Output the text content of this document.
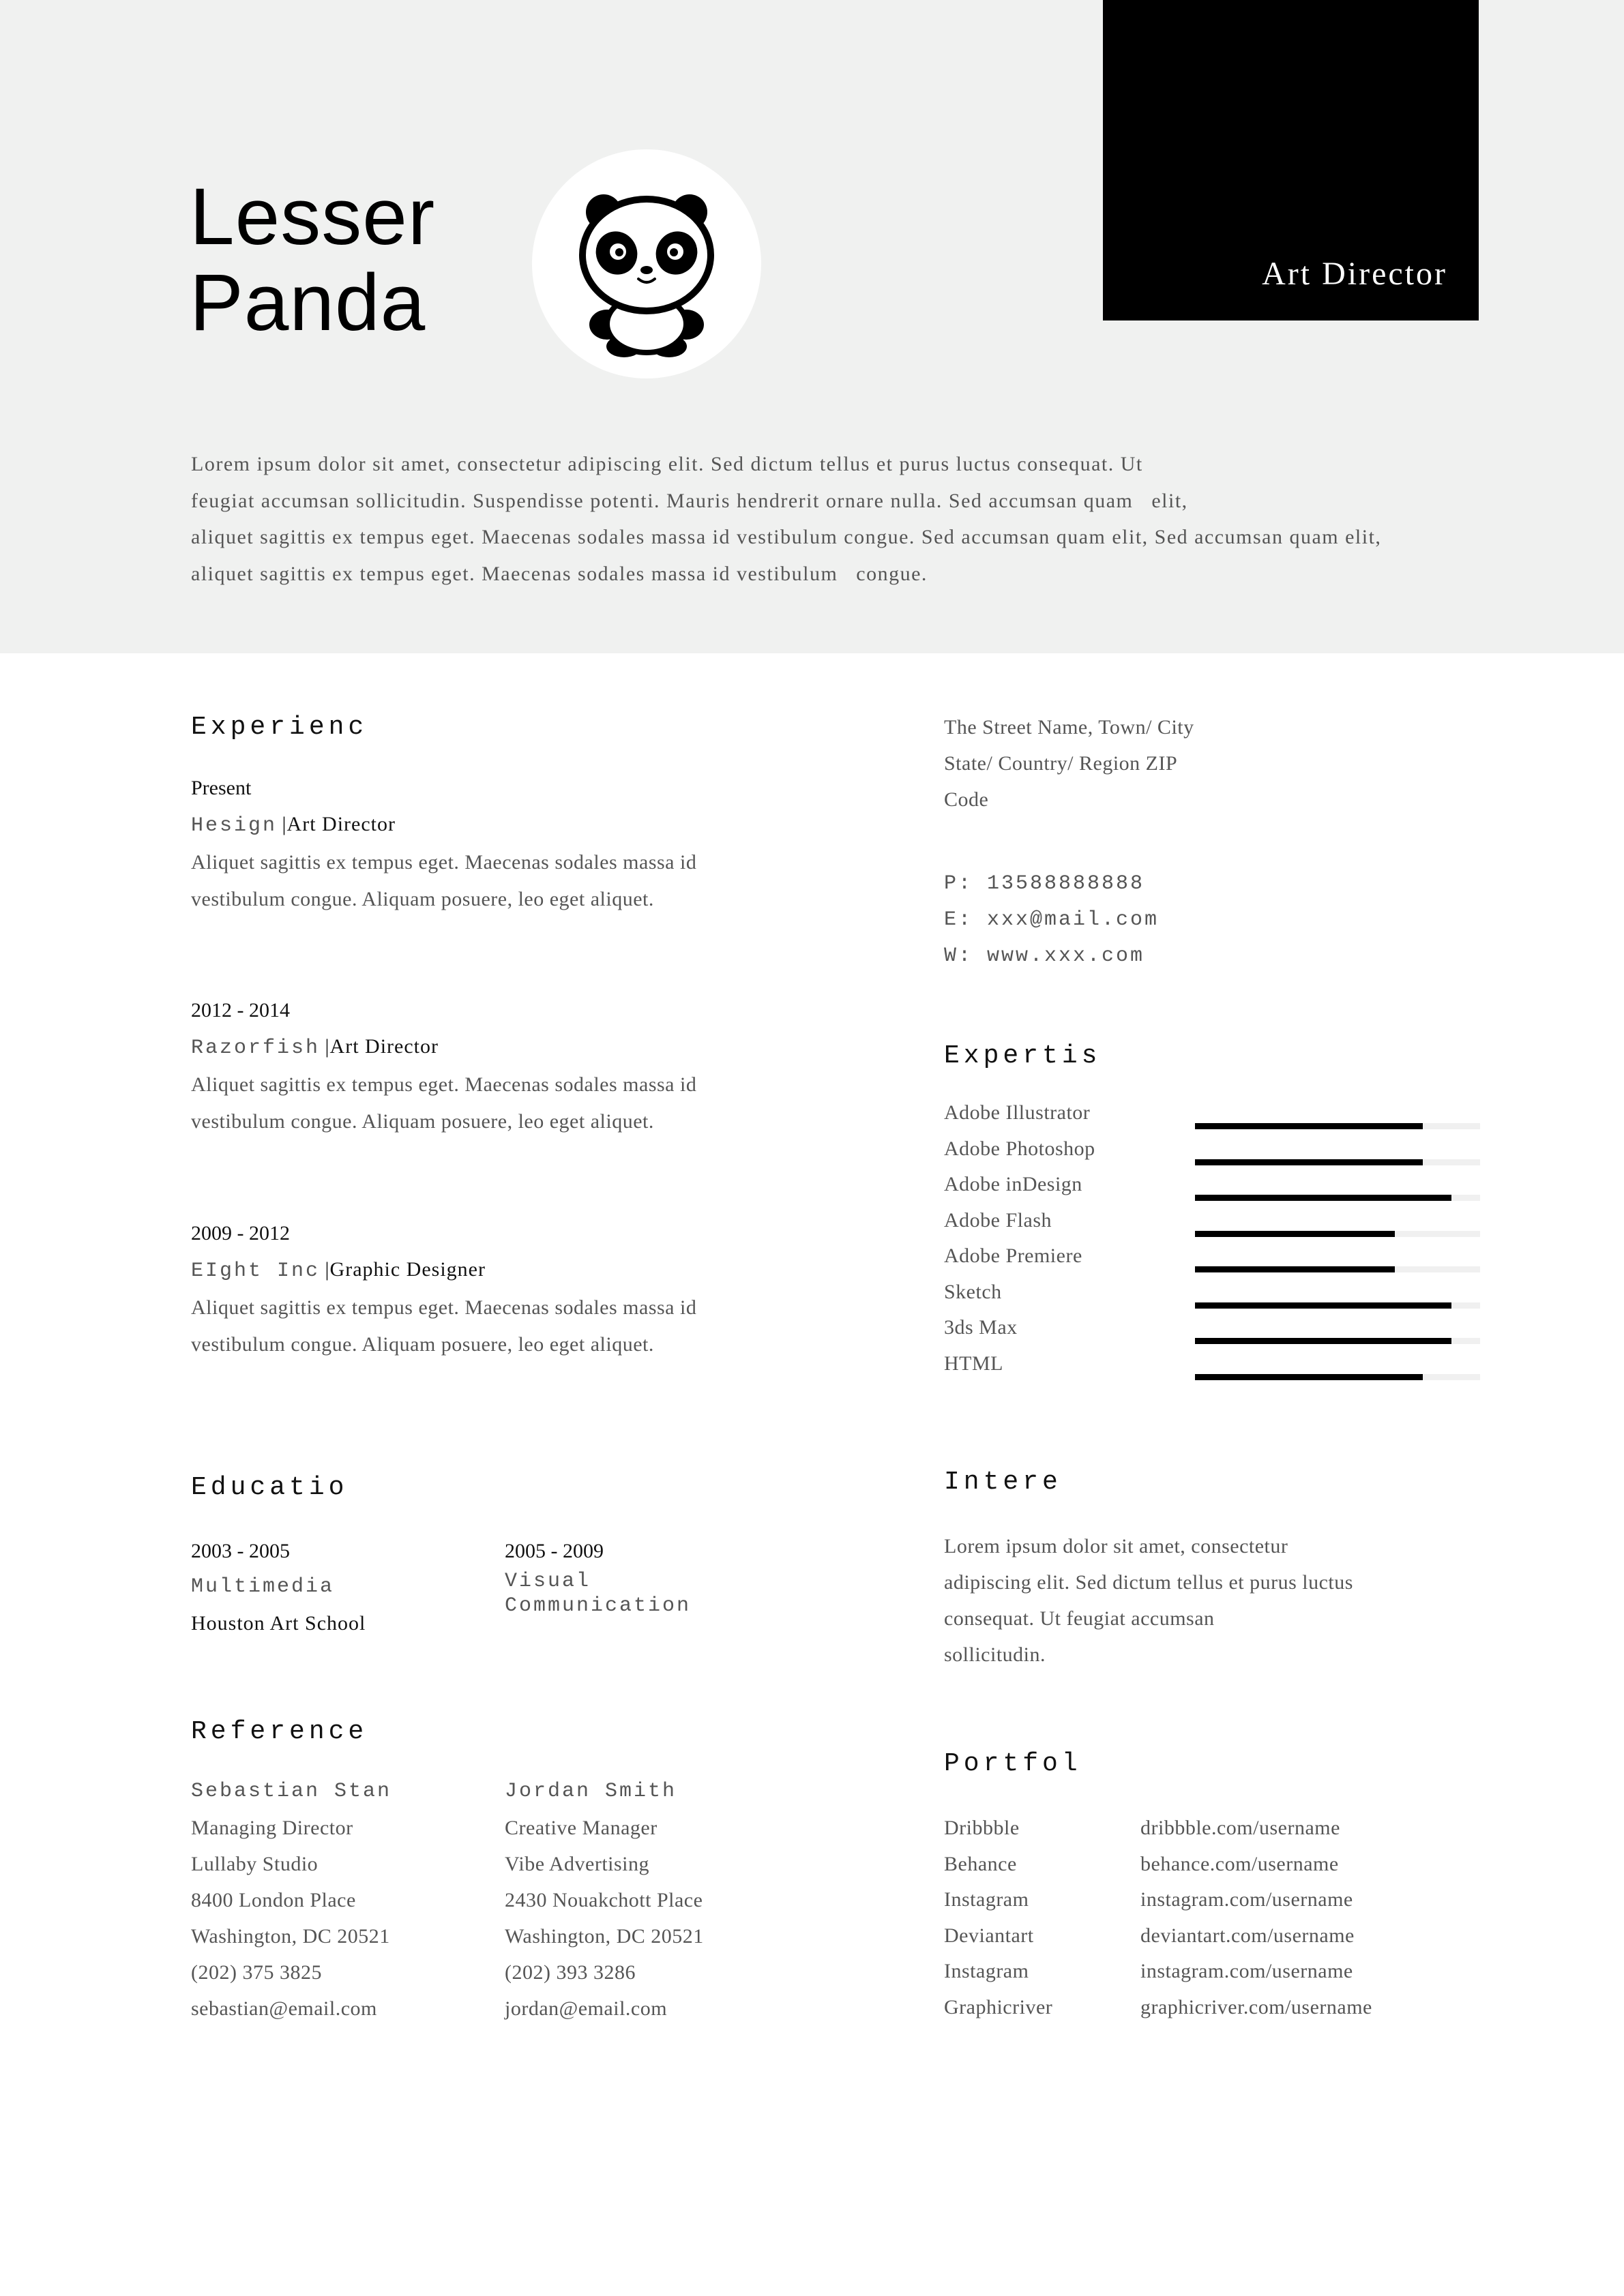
Lesser
Panda	Art Director
Lorem ipsum dolor sit amet, consectetur adipiscing elit. Sed dictum tellus et purus luctus consequat. Ut
feugiat accumsan sollicitudin. Suspendisse potenti. Mauris hendrerit ornare nulla. Sed accumsan quam   elit,
aliquet sagittis ex tempus eget. Maecenas sodales massa id vestibulum congue. Sed accumsan quam elit, Sed accumsan quam elit,
aliquet sagittis ex tempus eget. Maecenas sodales massa id vestibulum   congue.
Experienc
Present
Hesign |Art Director
Aliquet sagittis ex tempus eget. Maecenas sodales massa id
vestibulum congue. Aliquam posuere, leo eget aliquet.
2012 - 2014
Razorfish |Art Director
Aliquet sagittis ex tempus eget. Maecenas sodales massa id
vestibulum congue. Aliquam posuere, leo eget aliquet.
2009 - 2012
EIght Inc |Graphic Designer
Aliquet sagittis ex tempus eget. Maecenas sodales massa id
vestibulum congue. Aliquam posuere, leo eget aliquet.
The Street Name, Town/ City
State/ Country/ Region ZIP
Code
P: 13588888888
E: xxx@mail.com
W: www.xxx.com
Expertis
Adobe Illustrator
Adobe Photoshop
Adobe inDesign
Adobe Flash
Adobe Premiere
Sketch
3ds Max
HTML
Educatio
2003 - 2005
Multimedia
Houston Art School
2005 - 2009
Visual
Communication
Intere
Lorem ipsum dolor sit amet, consectetur
adipiscing elit. Sed dictum tellus et purus luctus
consequat. Ut feugiat accumsan
sollicitudin.
Reference
Sebastian Stan
Managing Director
Lullaby Studio
8400 London Place
Washington, DC 20521
(202) 375 3825
sebastian@email.com
Jordan Smith
Creative Manager
Vibe Advertising
2430 Nouakchott Place
Washington, DC 20521
(202) 393 3286
jordan@email.com
Portfol
Dribbble	dribbble.com/username
Behance	behance.com/username
Instagram	instagram.com/username
Deviantart	deviantart.com/username
Instagram	instagram.com/username
Graphicriver	graphicriver.com/username
